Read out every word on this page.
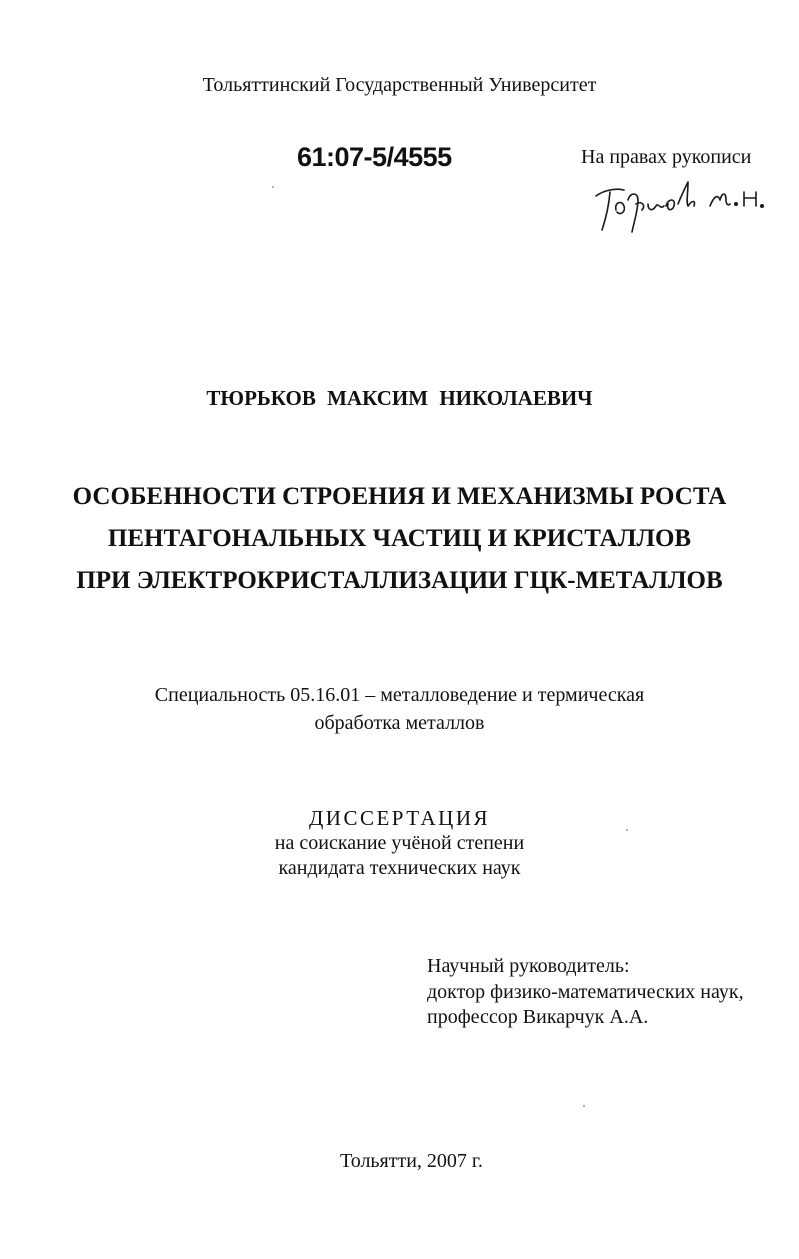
Тольяттинский Государственный Университет
61:07-5/4555	На правах рукописи
ТЮРЬКОВ МАКСИМ НИКОЛАЕВИЧ
ОСОБЕННОСТИ СТРОЕНИЯ И МЕХАНИЗМЫ РОСТА
ПЕНТАГОНАЛЬНЫХ ЧАСТИЦ И КРИСТАЛЛОВ
ПРИ ЭЛЕКТРОКРИСТАЛЛИЗАЦИИ ГЦК-МЕТАЛЛОВ
Специальность 05.16.01 – металловедение и термическая
обработка металлов
ДИССЕРТАЦИЯ
на соискание учёной степени
кандидата технических наук
Научный руководитель:
доктор физико-математических наук,
профессор Викарчук А.А.
Тольятти, 2007 г.
